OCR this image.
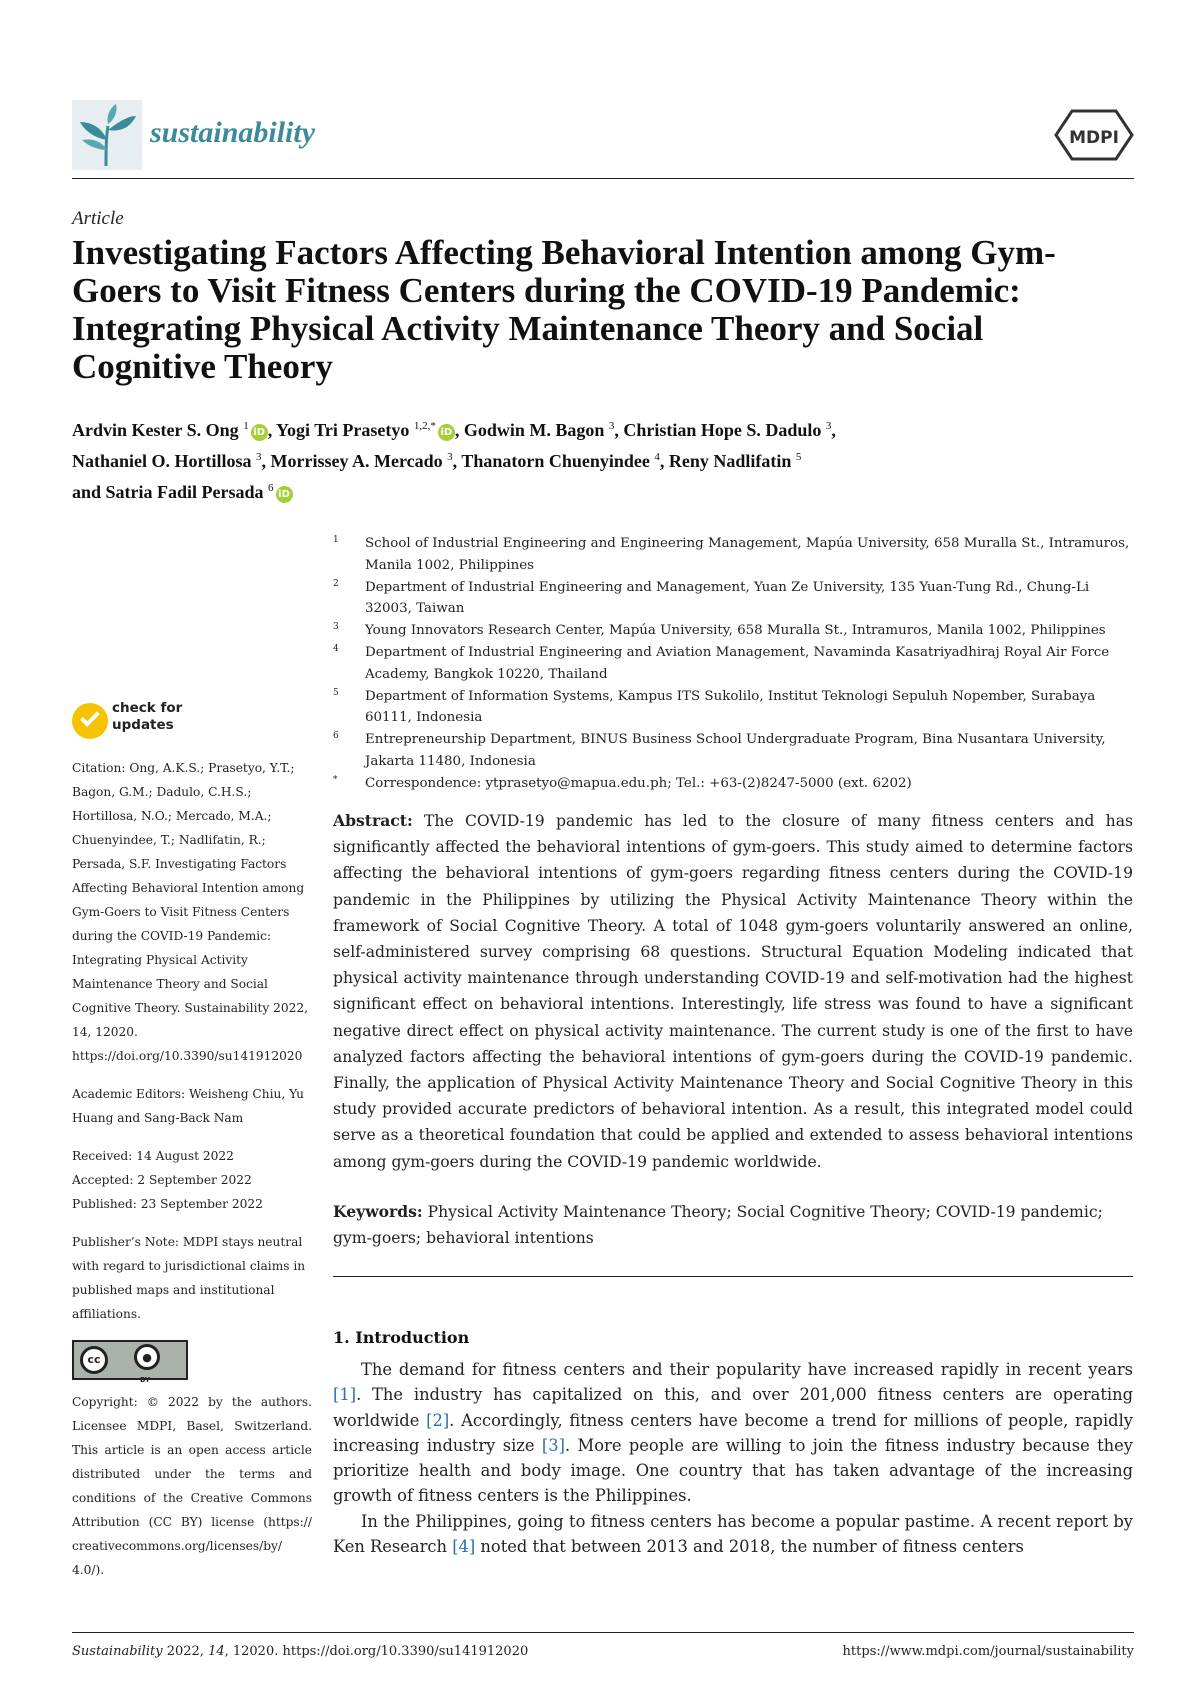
sustainability	MDPI
Article
Investigating Factors Affecting Behavioral Intention among Gym-Goers to Visit Fitness Centers during the COVID-19 Pandemic: Integrating Physical Activity Maintenance Theory and Social Cognitive Theory
Ardvin Kester S. Ong $^1$iD , Yogi Tri Prasetyo $^{1,2,*}$iD , Godwin M. Bagon $^3$, Christian Hope S. Dadulo $^3$,
Nathaniel O. Hortillosa $^3$, Morrissey A. Mercado $^3$, Thanatorn Chuenyindee $^4$, Reny Nadlifatin $^5$
and Satria Fadil Persada $^6$iD
1 School of Industrial Engineering and Engineering Management, Mapúa University, 658 Muralla St., Intramuros, Manila 1002, Philippines
2 Department of Industrial Engineering and Management, Yuan Ze University, 135 Yuan-Tung Rd., Chung-Li 32003, Taiwan
3 Young Innovators Research Center, Mapúa University, 658 Muralla St., Intramuros, Manila 1002, Philippines
4 Department of Industrial Engineering and Aviation Management, Navaminda Kasatriyadhiraj Royal Air Force Academy, Bangkok 10220, Thailand
5 Department of Information Systems, Kampus ITS Sukolilo, Institut Teknologi Sepuluh Nopember, Surabaya 60111, Indonesia
6 Entrepreneurship Department, BINUS Business School Undergraduate Program, Bina Nusantara University, Jakarta 11480, Indonesia
* Correspondence: ytprasetyo@mapua.edu.ph; Tel.: +63-(2)8247-5000 (ext. 6202)
check for
updates
Citation: Ong, A.K.S.; Prasetyo, Y.T.; Bagon, G.M.; Dadulo, C.H.S.; Hortillosa, N.O.; Mercado, M.A.; Chuenyindee, T.; Nadlifatin, R.; Persada, S.F. Investigating Factors Affecting Behavioral Intention among Gym-Goers to Visit Fitness Centers during the COVID-19 Pandemic: Integrating Physical Activity Maintenance Theory and Social Cognitive Theory. Sustainability 2022, 14, 12020. https://doi.org/10.3390/su141912020
Academic Editors: Weisheng Chiu, Yu Huang and Sang-Back Nam
Received: 14 August 2022
Accepted: 2 September 2022
Published: 23 September 2022
Publisher’s Note: MDPI stays neutral with regard to jurisdictional claims in published maps and institutional affiliations.
cc	●
BY
Copyright: © 2022 by the authors. Licensee MDPI, Basel, Switzerland. This article is an open access article distributed under the terms and conditions of the Creative Commons Attribution (CC BY) license (https:// creativecommons.org/licenses/by/ 4.0/).
Abstract: The COVID-19 pandemic has led to the closure of many fitness centers and has significantly affected the behavioral intentions of gym-goers. This study aimed to determine factors affecting the behavioral intentions of gym-goers regarding fitness centers during the COVID-19 pandemic in the Philippines by utilizing the Physical Activity Maintenance Theory within the framework of Social Cognitive Theory. A total of 1048 gym-goers voluntarily answered an online, self-administered survey comprising 68 questions. Structural Equation Modeling indicated that physical activity maintenance through understanding COVID-19 and self-motivation had the highest significant effect on behavioral intentions. Interestingly, life stress was found to have a significant negative direct effect on physical activity maintenance. The current study is one of the first to have analyzed factors affecting the behavioral intentions of gym-goers during the COVID-19 pandemic. Finally, the application of Physical Activity Maintenance Theory and Social Cognitive Theory in this study provided accurate predictors of behavioral intention. As a result, this integrated model could serve as a theoretical foundation that could be applied and extended to assess behavioral intentions among gym-goers during the COVID-19 pandemic worldwide.
Keywords: Physical Activity Maintenance Theory; Social Cognitive Theory; COVID-19 pandemic; gym-goers; behavioral intentions
1. Introduction

The demand for fitness centers and their popularity have increased rapidly in recent years [1]. The industry has capitalized on this, and over 201,000 fitness centers are operating worldwide [2]. Accordingly, fitness centers have become a trend for millions of people, rapidly increasing industry size [3]. More people are willing to join the fitness industry because they prioritize health and body image. One country that has taken advantage of the increasing growth of fitness centers is the Philippines.

In the Philippines, going to fitness centers has become a popular pastime. A recent report by Ken Research [4] noted that between 2013 and 2018, the number of fitness centers

Sustainability 2022, 14, 12020. https://doi.org/10.3390/su141912020	https://www.mdpi.com/journal/sustainability
